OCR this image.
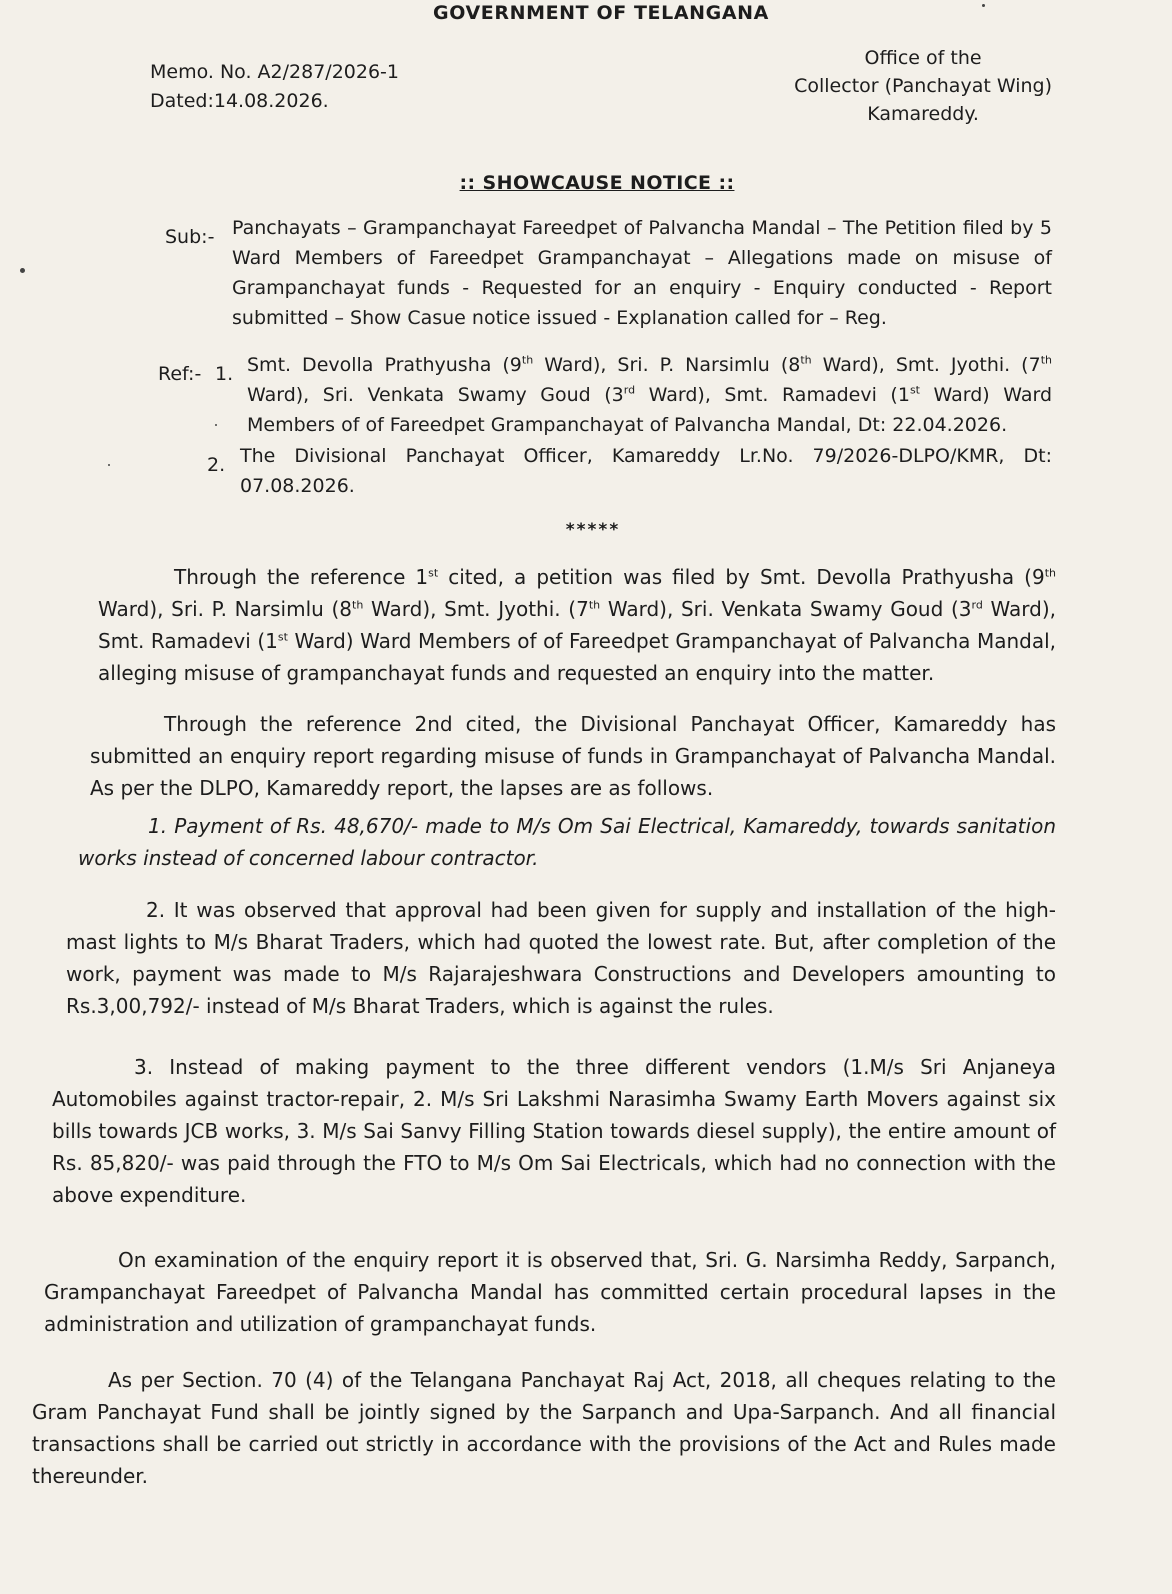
GOVERNMENT OF TELANGANA
Memo. No. A2/287/2026-1
Dated:14.08.2026.
Office of the
Collector (Panchayat Wing)
Kamareddy.
:: SHOWCAUSE NOTICE ::
Sub:- Panchayats – Grampanchayat Fareedpet of Palvancha Mandal – The Petition filed by 5 Ward Members of Fareedpet Grampanchayat – Allegations made on misuse of Grampanchayat funds - Requested for an enquiry - Enquiry conducted - Report submitted – Show Casue notice issued - Explanation called for – Reg.
Ref:- 1. Smt. Devolla Prathyusha (9th Ward), Sri. P. Narsimlu (8th Ward), Smt. Jyothi. (7th Ward), Sri. Venkata Swamy Goud (3rd Ward), Smt. Ramadevi (1st Ward) Ward Members of of Fareedpet Grampanchayat of Palvancha Mandal, Dt: 22.04.2026.
2. The Divisional Panchayat Officer, Kamareddy Lr.No. 79/2026-DLPO/KMR, Dt: 07.08.2026.
*****
Through the reference 1st cited, a petition was filed by Smt. Devolla Prathyusha (9th Ward), Sri. P. Narsimlu (8th Ward), Smt. Jyothi. (7th Ward), Sri. Venkata Swamy Goud (3rd Ward), Smt. Ramadevi (1st Ward) Ward Members of of Fareedpet Grampanchayat of Palvancha Mandal, alleging misuse of grampanchayat funds and requested an enquiry into the matter.
Through the reference 2nd cited, the Divisional Panchayat Officer, Kamareddy has submitted an enquiry report regarding misuse of funds in Grampanchayat of Palvancha Mandal. As per the DLPO, Kamareddy report, the lapses are as follows.
1. Payment of Rs. 48,670/- made to M/s Om Sai Electrical, Kamareddy, towards sanitation works instead of concerned labour contractor.
2. It was observed that approval had been given for supply and installation of the high-mast lights to M/s Bharat Traders, which had quoted the lowest rate. But, after completion of the work, payment was made to M/s Rajarajeshwara Constructions and Developers amounting to Rs.3,00,792/- instead of M/s Bharat Traders, which is against the rules.
3. Instead of making payment to the three different vendors (1.M/s Sri Anjaneya Automobiles against tractor-repair, 2. M/s Sri Lakshmi Narasimha Swamy Earth Movers against six bills towards JCB works, 3. M/s Sai Sanvy Filling Station towards diesel supply), the entire amount of Rs. 85,820/- was paid through the FTO to M/s Om Sai Electricals, which had no connection with the above expenditure.
On examination of the enquiry report it is observed that, Sri. G. Narsimha Reddy, Sarpanch, Grampanchayat Fareedpet of Palvancha Mandal has committed certain procedural lapses in the administration and utilization of grampanchayat funds.
As per Section. 70 (4) of the Telangana Panchayat Raj Act, 2018, all cheques relating to the Gram Panchayat Fund shall be jointly signed by the Sarpanch and Upa-Sarpanch. And all financial transactions shall be carried out strictly in accordance with the provisions of the Act and Rules made thereunder.
